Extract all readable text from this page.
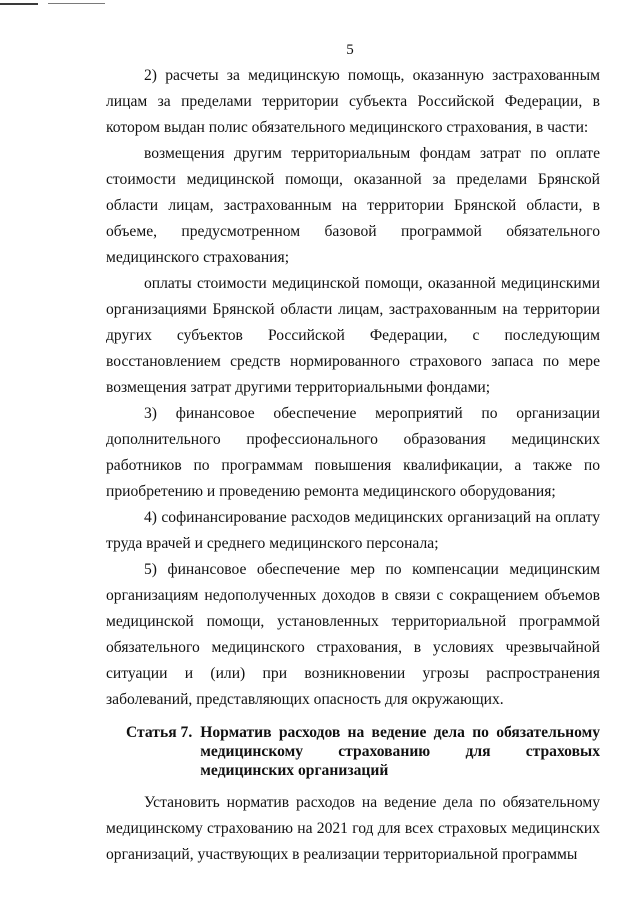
5

2) расчеты за медицинскую помощь, оказанную застрахованным лицам за пределами территории субъекта Российской Федерации, в котором выдан полис обязательного медицинского страхования, в части:

возмещения другим территориальным фондам затрат по оплате стоимости медицинской помощи, оказанной за пределами Брянской области лицам, застрахованным на территории Брянской области, в объеме, предусмотренном базовой программой обязательного медицинского страхования;

оплаты стоимости медицинской помощи, оказанной медицинскими организациями Брянской области лицам, застрахованным на территории других субъектов Российской Федерации, с последующим восстановлением средств нормированного страхового запаса по мере возмещения затрат другими территориальными фондами;

3) финансовое обеспечение мероприятий по организации дополнительного профессионального образования медицинских работников по программам повышения квалификации, а также по приобретению и проведению ремонта медицинского оборудования;

4) софинансирование расходов медицинских организаций на оплату труда врачей и среднего медицинского персонала;

5) финансовое обеспечение мер по компенсации медицинским организациям недополученных доходов в связи с сокращением объемов медицинской помощи, установленных территориальной программой обязательного медицинского страхования, в условиях чрезвычайной ситуации и (или) при возникновении угрозы распространения заболеваний, представляющих опасность для окружающих.

Статья 7. Норматив расходов на ведение дела по обязательному медицинскому страхованию для страховых медицинских организаций

Установить норматив расходов на ведение дела по обязательному медицинскому страхованию на 2021 год для всех страховых медицинских организаций, участвующих в реализации территориальной программы
